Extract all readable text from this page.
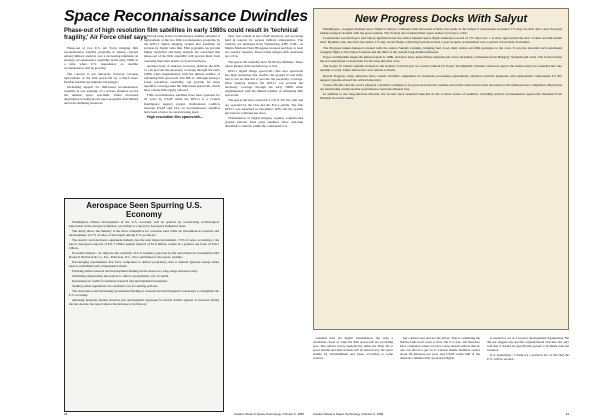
Space Reconnaissance Dwindles
Phase-out of high resolution film satellites in early 1980s could result in 'technical fragility,' Air Force chief says

Phase-out of two U.S. Air Force imaging film reconnaissance satellite programs is raising concern among military analysts over a decreasing emphasis on strategic reconnaissance capability in the early 1980s at a time when U.S. dependence on satellite reconnaissance will be growing.

The concern is not universal, however, because replacement of the film spacecraft by a much more flexible satellite has inherent advantages.

Dwindling support for film-based reconnaissance satellites is one example of a serious situation across the defense space spectrum, where increased dependence is being placed upon programs with limited and even shrinking resources.

Pivotal issue in the reconnaissance satellite situation is replacement of the two film reconnaissance programs by the KH-11 digital imaging system that transmits its pictures by digital radio link. Film programs can provide higher resolution and many analysts are concerned that phase-out of the film capability will prevent them from assessing important details on Soviet hardware.

Another body of analysts, however, believes the KH-11 can provide the necessary coverage through the early 1980s when supplemented with the limited number of remaining film spacecraft. The KH-11, although having a lower resolution capability, can provide far more repetitive coverage than the film-based spacecraft, which have a finite film supply onboard.

Film reconnaissance satellites have been operated for 20 years by USAF while the KH-11 is a Central Intelligence Agency project. Institutional conflicts between USAF and CIA on reconnaissance satellites have been a factor in concern being aired.

High resolution film spacecraft—

Only four remain in the USAF inventory and are being held in reserve for serious military emergencies. The vehicles are launched from Vandenberg AFB, Calif., on Martin Marietta Titan 3B-Agena boosters and have at least two reentry capsules. These return images with resolution up to 6 in.

The spacecraft normally have 50-80 day lifetimes. These return images with resolution up to 6 in.

KH-11 digital image spacecraft—The new spacecraft has high resolution that reaches the ground in real time, and it can be directed to provide the necessary coverage. Most analysts believe the KH-11 can provide the necessary coverage through the early 1980s when supplemented with the limited number of remaining film spacecraft.

The spacecraft have arrived in a 155 X 310 mi. orbit and are operated by the CIA and Air Force jointly. The first KH-11 was launched in December 1976 and the system has been in continual use since.

Transmission of digital imagery requires sophisticated ground stations. Data relay satellites allow real-time downlink to stations within the continental U.S.

Aerospace Seen Spurring U.S. Economy

Washington—Future development of the U.S. economy will be spurred by accelerating technological innovation in the aerospace industry, according to a report by Aerospace Industries Assn.

The study shows the industry is the most competitive for overseas sales while its investment in research and development, 22.7% of sales, is the largest among U.S. producers.

The electric and electronic equipment industry has the next largest investment, 7.0% of sales, according to the report. Aerospace exports of $11.7 billion against imports of $1.6 billion, results in a positive net trade of $10.1 billion.

Economic impact—To improve the creativity of U.S. industry proposed by the association in consultation with Rouse P. Hartwick & Co., Inc., Princeton, N.J., who contributed to the report, include:

Encouraging requirements that force companies to deliver proprietary data to federal agencies except when need is established and compensation made.

Ensuring stable research and development funding levels based on a long-range national policy.

Permitting depreciation allowances to reflect reacquisition cost of capital.

Increasing tax credits for industry research and development investment.

Seeking stable regulations on consistent cost accounting policies.

The association said increasing government funding to research and development is necessary to strengthen the U.S. economy.

Although federally funded research and development expressed in current dollars appears to increase during the last decade, the report shows the increase to be illusory.

New Progress Docks With Salyut

Washington—Longest manned space flight in history continued with increased activity last week as the Salyut 6 cosmonauts exceeded 175 days in orbit and a new Progress tanker-transport docked with the space station. The Soviets also returned their space station Cyclops to orbit.

Cosmonauts Leonid Popov and Valery Ryumin broke the earlier manned space flight endurance record of 175 days Oct. 1 as they approached the start of their seventh month aloft. Ryumin, who also flew the earlier 175-day record flight, will bring back more than a year in space accumulated over a period of less than 24 months.

The Progress tanker-transport docked with the station Sunday evening, bringing fuel, food, mail, letters and film packages to the crew. It was the eleventh such automated resupply flight to the Salyut 6 station and the third of the current long-duration mission.

Popov and Ryumin began the mission April 9, 1980, and have since hosted three international crews including cosmonauts from Hungary, Vietnam and Cuba. The Soviet Union has not announced a return date for the long-duration crew.

The Soyuz 37 vehicle remains docked to the station's forward port as a return vehicle for Popov and Ryumin. Western observers expect the mission may be extended into late autumn or early winter before the crew returns to Earth.

Recent Progress cargo missions have carried scientific equipment for materials processing experiments, medical research apparatus and replacement components for life support systems aboard the orbital laboratory.

Soviet officials said the crew's physical condition continues to be good and exercise routines aboard the station have been increased as the mission nears completion. Physicians are monitoring cardiovascular performance and bone mineral loss.

In addition to the long-duration mission, the Soviets have resumed launches in the Cosmos series of satellites, including several reconnaissance spacecraft launched from Plesetsk in recent weeks.

transmit data via digital transmission, but with a resolution closer to what the film spacecraft are providing now. The vehicle can be launched by either the Titan 3D or space shuttle and later models will be retrieved by the space shuttle for refurbishment and reuse, according to some sources.

but a minor user and not the driver. That is something the NASA folks don't want to hear, but it is true. We therefore have a situation where we have a new launch vehicle that no one can afford to get on it. Current shuttle manifest carries about 20 missions per year, and USAF wants half of the missions commercially sponsored flights.

is needed to act as a booster development organization. He did not suggest any specific organizational structure but only said that it should be specifically geared to facilitate national ventures.

U.S. leadership—'I think it's a political fact of life that the U.S. will be second...

18	Aviation Week & Space Technology, October 6, 1980	Aviation Week & Space Technology, October 6, 1980	19
